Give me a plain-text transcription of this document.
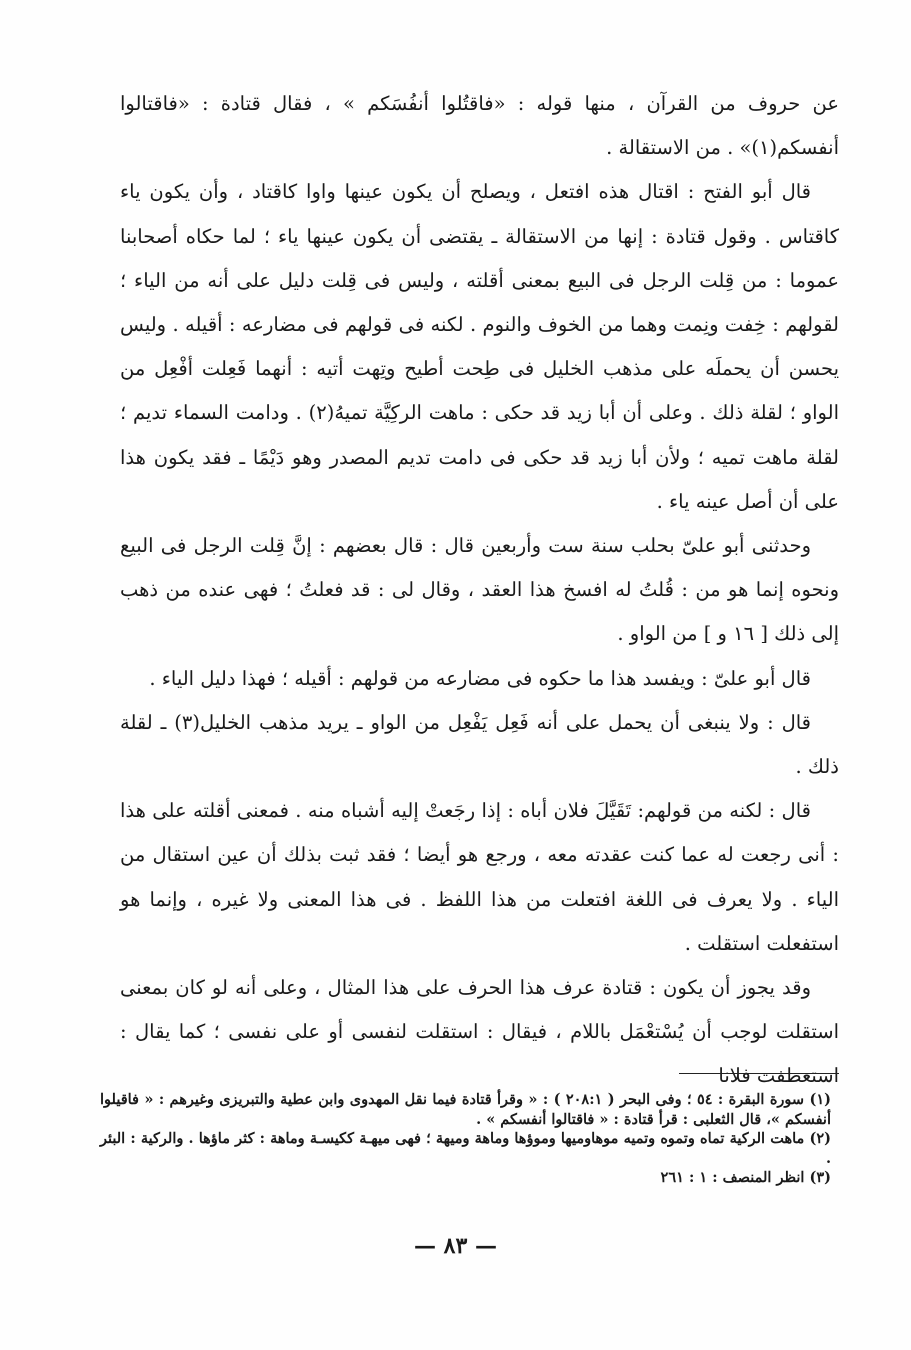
عن حروف من القرآن ، منها قوله : «فاقتُلوا أنفُسَكم » ، فقال قتادة : «فاقتالوا أنفسكم(١)» . من الاستقالة .

قال أبو الفتح : اقتال هذه افتعل ، ويصلح أن يكون عينها واوا كاقتاد ، وأن يكون ياء كاقتاس . وقول قتادة : إنها من الاستقالة ـ يقتضى أن يكون عينها ياء ؛ لما حكاه أصحابنا عموما : من قِلت الرجل فى البيع بمعنى أقلته ، وليس فى قِلت دليل على أنه من الياء ؛ لقولهم : خِفت ونِمت وهما من الخوف والنوم . لكنه فى قولهم فى مضارعه : أقيله . وليس يحسن أن يحملَه على مذهب الخليل فى طِحت أطيح وتِهت أتيه : أنهما فَعِلت أفْعِل من الواو ؛ لقلة ذلك . وعلى أن أبا زيد قد حكى : ماهت الركِيَّة تميهُ(٢) . ودامت السماء تديم ؛ لقلة ماهت تميه ؛ ولأن أبا زيد قد حكى فى دامت تديم المصدر وهو دَيْمًا ـ فقد يكون هذا على أن أصل عينه ياء .

وحدثنى أبو علىّ بحلب سنة ست وأربعين قال : قال بعضهم : إنَّ قِلت الرجل فى البيع ونحوه إنما هو من : قُلتُ له افسخ هذا العقد ، وقال لى : قد فعلتُ ؛ فهى عنده من ذهب إلى ذلك [ ١٦ و ] من الواو .

قال أبو علىّ : ويفسد هذا ما حكوه فى مضارعه من قولهم : أقيله ؛ فهذا دليل الياء .

قال : ولا ينبغى أن يحمل على أنه فَعِل يَفْعِل من الواو ـ يريد مذهب الخليل(٣) ـ لقلة ذلك .

قال : لكنه من قولهم: تَقَيَّلَ فلان أباه : إذا رجَعتْ إليه أشباه منه . فمعنى أقلته على هذا : أنى رجعت له عما كنت عقدته معه ، ورجع هو أيضا ؛ فقد ثبت بذلك أن عين استقال من الياء . ولا يعرف فى اللغة افتعلت من هذا اللفظ . فى هذا المعنى ولا غيره ، وإنما هو استفعلت استقلت .

وقد يجوز أن يكون : قتادة عرف هذا الحرف على هذا المثال ، وعلى أنه لو كان بمعنى استقلت لوجب أن يُسْتعْمَل باللام ، فيقال : استقلت لنفسى أو على نفسى ؛ كما يقال : استعطفت فلانا

(١) سورة البقرة : ٥٤ ؛ وفى البحر ( ٢٠٨:١ ) : « وقرأ قتادة فيما نقل المهدوى وابن عطية والتبريزى وغيرهم : « فاقيلوا أنفسكم »، قال الثعلبى : قرأ قتادة : « فاقتالوا أنفسكم » .

(٢) ماهت الركية تماه وتموه وتميه موهاوميها وموؤها وماهة وميهة ؛ فهى ميهـة ككيسـة وماهة : كثر ماؤها . والركية : البئر .

(٣) انظر المنصف : ١ : ٢٦١

— ٨٣ —
